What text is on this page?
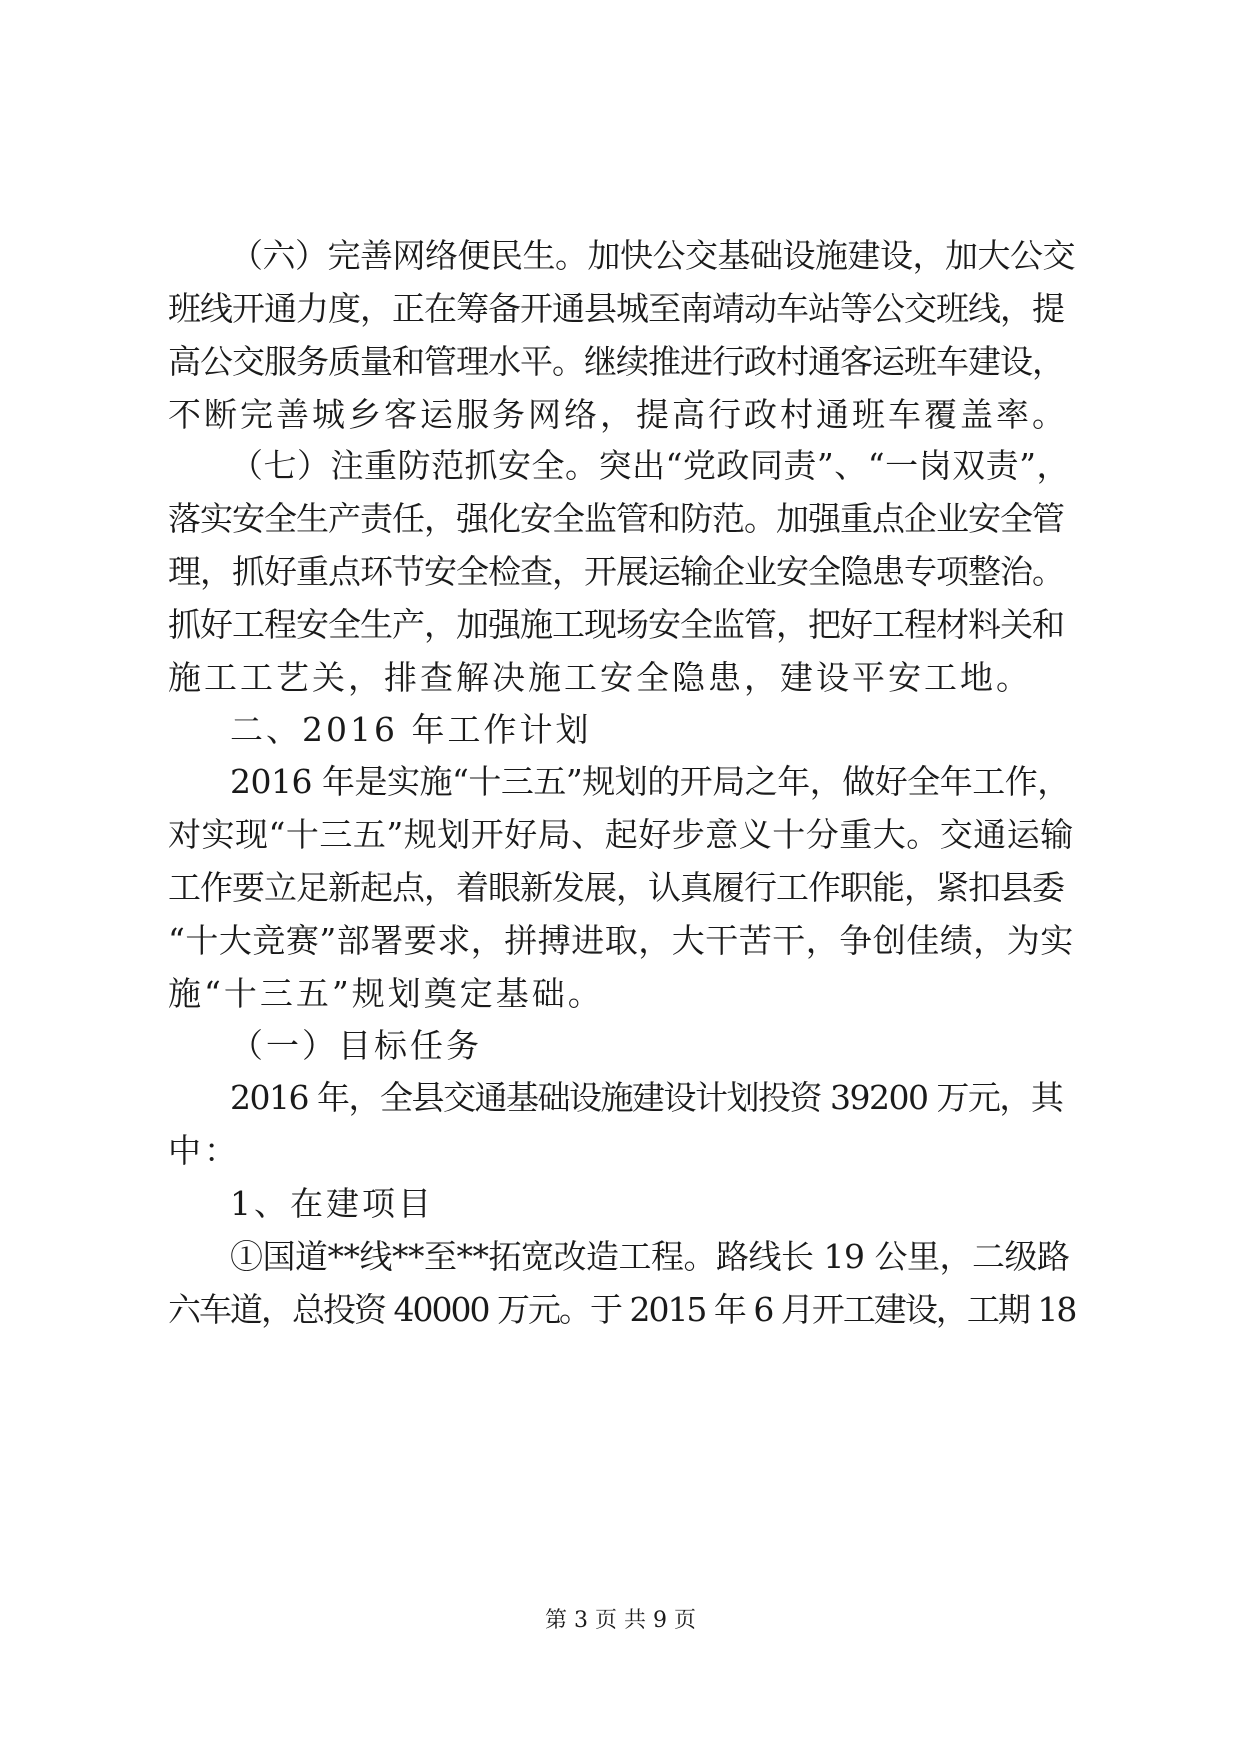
（六）完善网络便民生。加快公交基础设施建设，加大公交
班线开通力度，正在筹备开通县城至南靖动车站等公交班线，提
高公交服务质量和管理水平。继续推进行政村通客运班车建设，
不断完善城乡客运服务网络，提高行政村通班车覆盖率。
（七）注重防范抓安全。突出“党政同责”、“一岗双责”，
落实安全生产责任，强化安全监管和防范。加强重点企业安全管
理，抓好重点环节安全检查，开展运输企业安全隐患专项整治。
抓好工程安全生产，加强施工现场安全监管，把好工程材料关和
施工工艺关，排查解决施工安全隐患，建设平安工地。
二、2016 年工作计划
2016 年是实施“十三五”规划的开局之年，做好全年工作，
对实现“十三五”规划开好局、起好步意义十分重大。交通运输
工作要立足新起点，着眼新发展，认真履行工作职能，紧扣县委
“十大竞赛”部署要求，拼搏进取，大干苦干，争创佳绩，为实
施“十三五”规划奠定基础。
（一）目标任务
2016 年，全县交通基础设施建设计划投资 39200 万元，其
中：
1、在建项目
①国道**线**至**拓宽改造工程。路线长 19 公里，二级路
六车道，总投资 40000 万元。于 2015 年 6 月开工建设，工期 18
第 3 页 共 9 页
